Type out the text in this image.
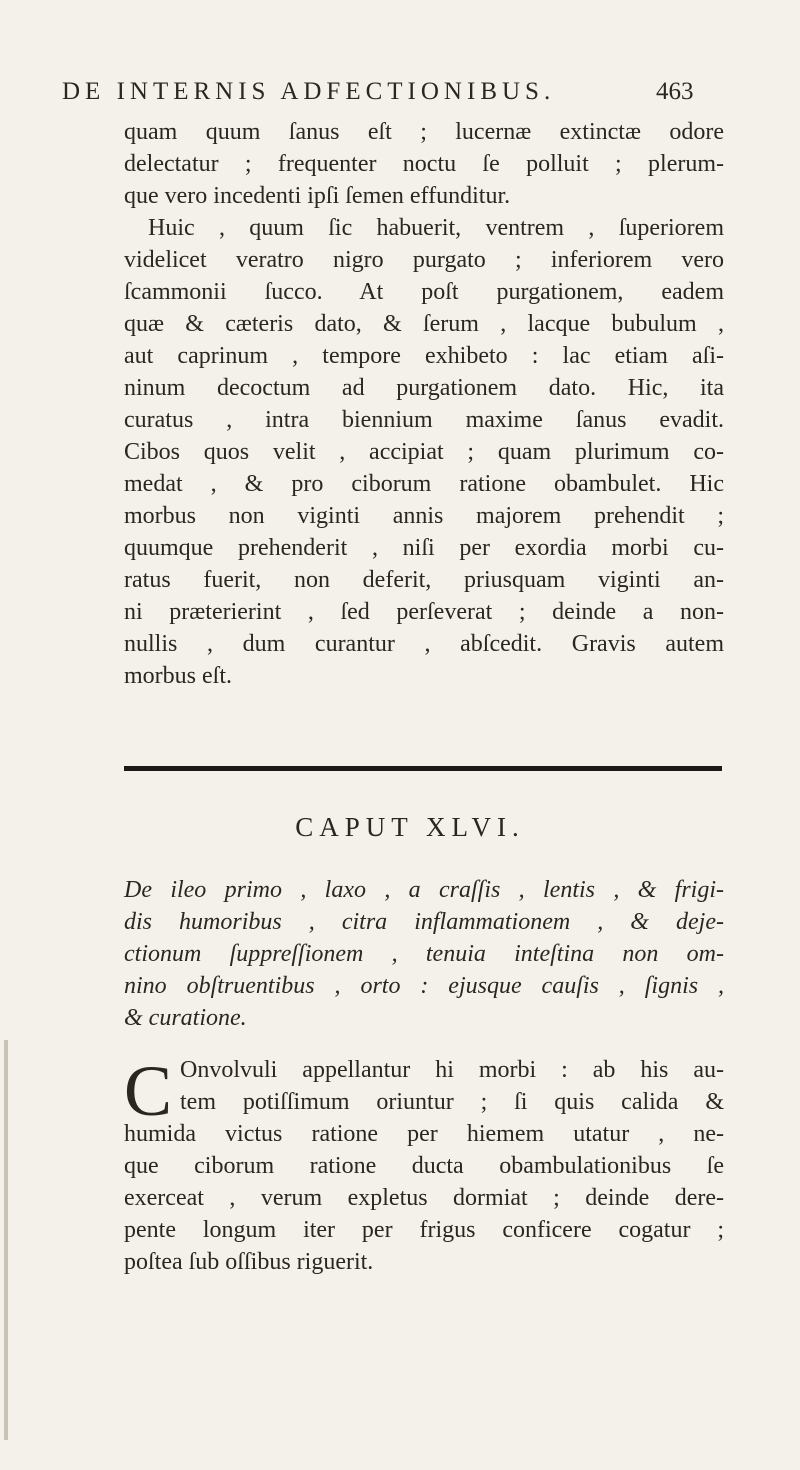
DE INTERNIS ADFECTIONIBUS.	463
quam quum ſanus eſt ; lucernæ extinctæ odore
delectatur ; frequenter noctu ſe polluit ; plerum-
que vero incedenti ipſi ſemen effunditur.
Huic , quum ſic habuerit, ventrem , ſuperiorem
videlicet veratro nigro purgato ; inferiorem vero
ſcammonii ſucco. At poſt purgationem, eadem
quæ & cæteris dato, & ſerum , lacque bubulum ,
aut caprinum , tempore exhibeto : lac etiam aſi-
ninum decoctum ad purgationem dato. Hic, ita
curatus , intra biennium maxime ſanus evadit.
Cibos quos velit , accipiat ; quam plurimum co-
medat , & pro ciborum ratione obambulet. Hic
morbus non viginti annis majorem prehendit ;
quumque prehenderit , niſi per exordia morbi cu-
ratus fuerit, non deferit, priusquam viginti an-
ni præterierint , ſed perſeverat ; deinde a non-
nullis , dum curantur , abſcedit. Gravis autem
morbus eſt.
CAPUT XLVI.
De ileo primo , laxo , a craſſis , lentis , & frigi-
dis humoribus , citra inflammationem , & deje-
ctionum ſuppreſſionem , tenuia inteſtina non om-
nino obſtruentibus , orto : ejusque cauſis , ſignis ,
& curatione.
C Onvolvuli appellantur hi morbi : ab his au-
tem potiſſimum oriuntur ; ſi quis calida &
humida victus ratione per hiemem utatur , ne-
que ciborum ratione ducta obambulationibus ſe
exerceat , verum expletus dormiat ; deinde dere-
pente longum iter per frigus conficere cogatur ;
poſtea ſub oſſibus riguerit.
